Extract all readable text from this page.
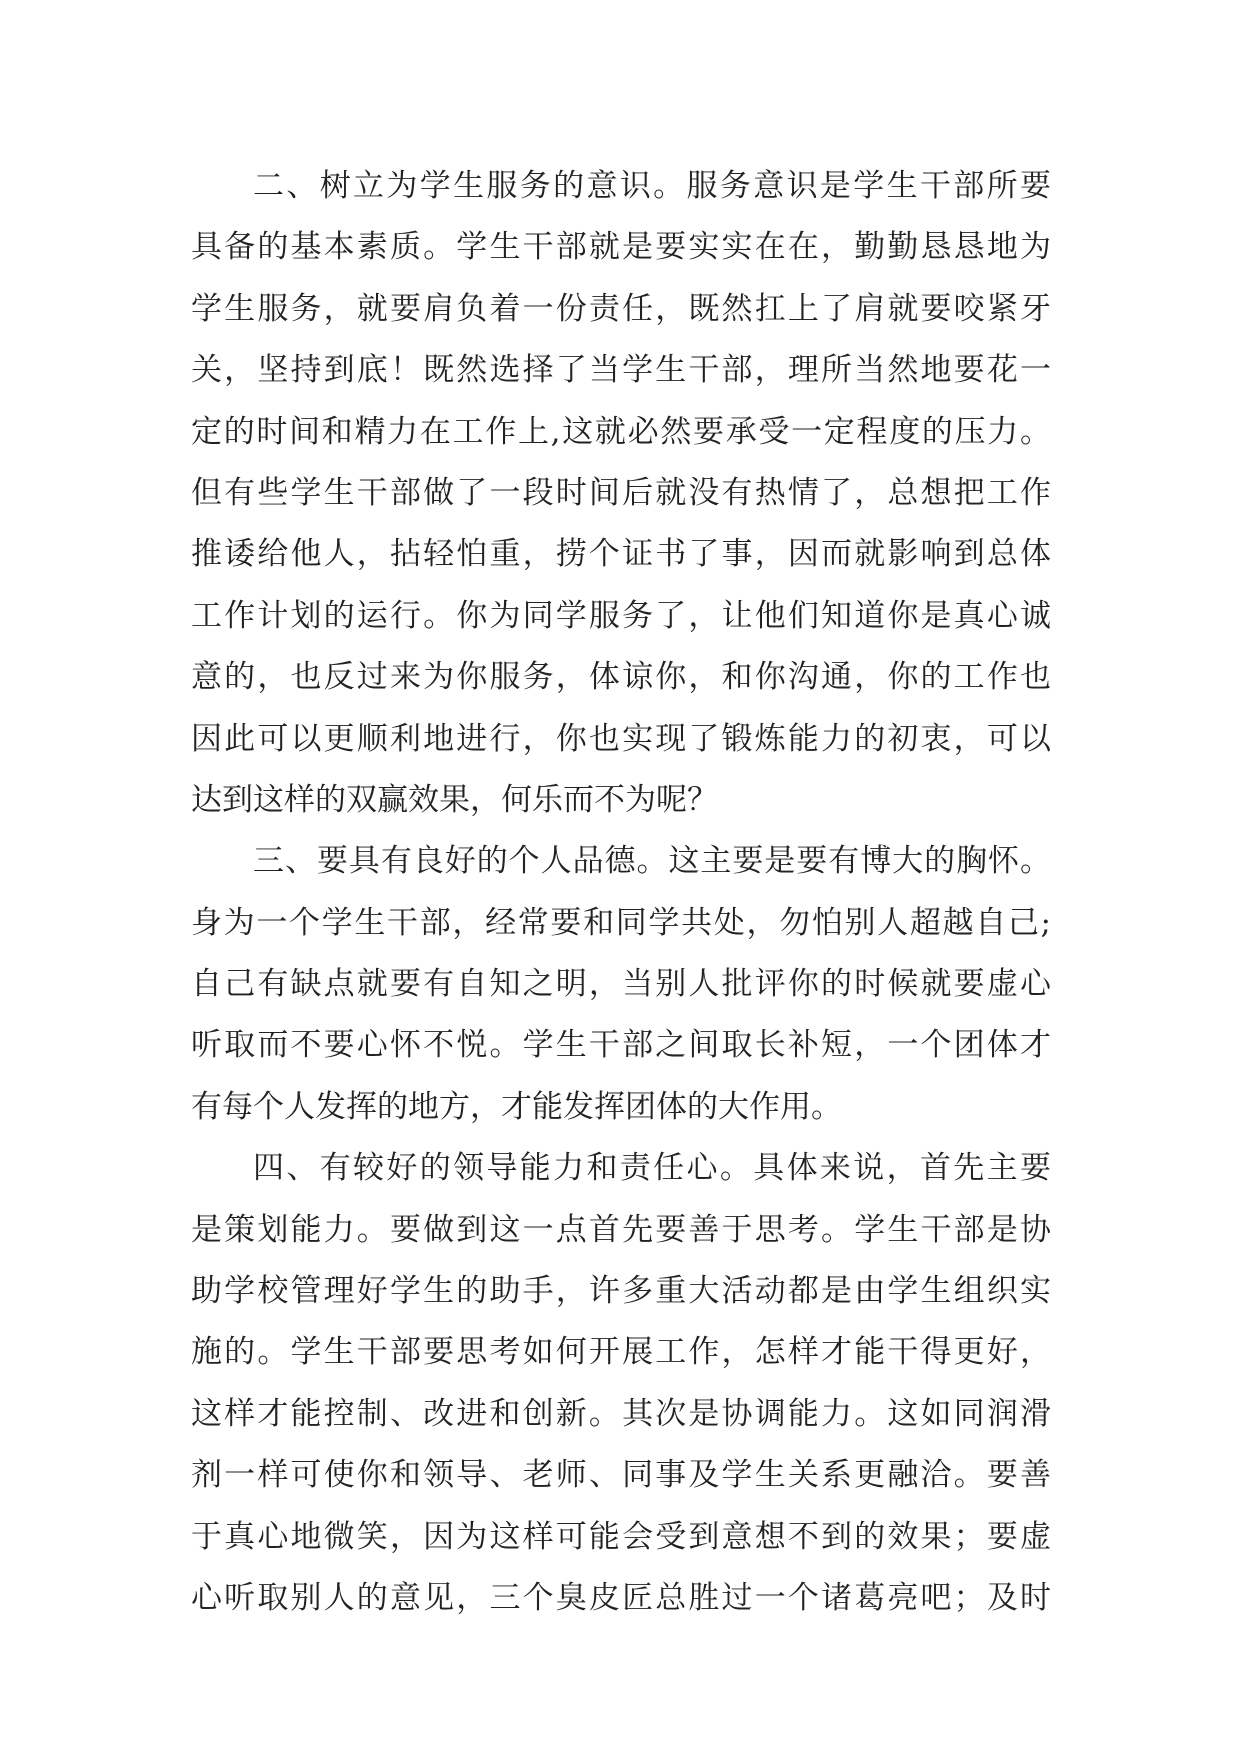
二、树立为学生服务的意识。服务意识是学生干部所要
具备的基本素质。学生干部就是要实实在在，勤勤恳恳地为
学生服务，就要肩负着一份责任，既然扛上了肩就要咬紧牙
关，坚持到底！既然选择了当学生干部，理所当然地要花一
定的时间和精力在工作上,这就必然要承受一定程度的压力。
但有些学生干部做了一段时间后就没有热情了，总想把工作
推诿给他人，拈轻怕重，捞个证书了事，因而就影响到总体
工作计划的运行。你为同学服务了，让他们知道你是真心诚
意的，也反过来为你服务，体谅你，和你沟通，你的工作也
因此可以更顺利地进行，你也实现了锻炼能力的初衷，可以
达到这样的双赢效果，何乐而不为呢？
三、要具有良好的个人品德。这主要是要有博大的胸怀。
身为一个学生干部，经常要和同学共处，勿怕别人超越自己;
自己有缺点就要有自知之明，当别人批评你的时候就要虚心
听取而不要心怀不悦。学生干部之间取长补短，一个团体才
有每个人发挥的地方，才能发挥团体的大作用。
四、有较好的领导能力和责任心。具体来说，首先主要
是策划能力。要做到这一点首先要善于思考。学生干部是协
助学校管理好学生的助手，许多重大活动都是由学生组织实
施的。学生干部要思考如何开展工作，怎样才能干得更好，
这样才能控制、改进和创新。其次是协调能力。这如同润滑
剂一样可使你和领导、老师、同事及学生关系更融洽。要善
于真心地微笑，因为这样可能会受到意想不到的效果；要虚
心听取别人的意见，三个臭皮匠总胜过一个诸葛亮吧；及时
